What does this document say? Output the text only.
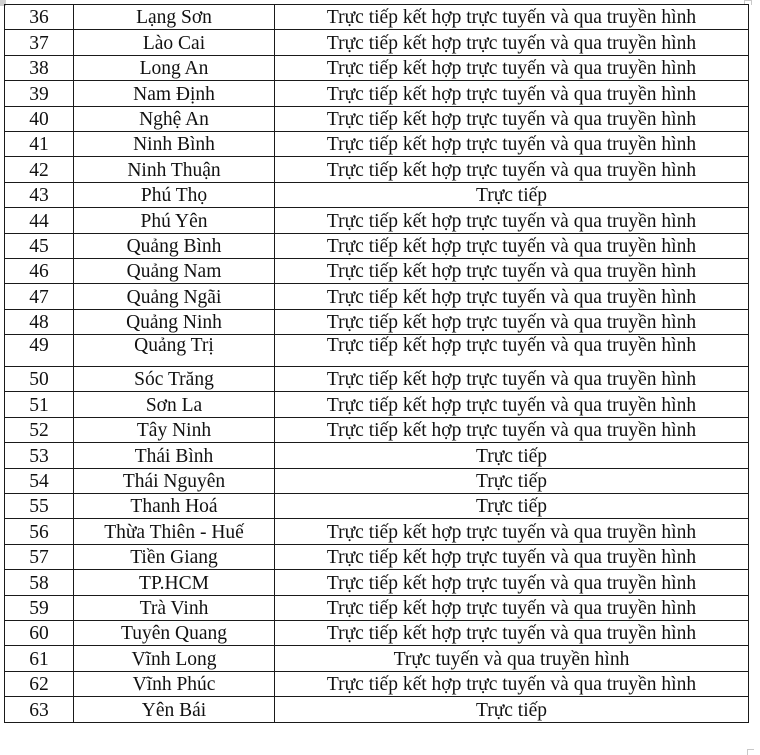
36	Lạng Sơn	Trực tiếp kết hợp trực tuyến và qua truyền hình
37	Lào Cai	Trực tiếp kết hợp trực tuyến và qua truyền hình
38	Long An	Trực tiếp kết hợp trực tuyến và qua truyền hình
39	Nam Định	Trực tiếp kết hợp trực tuyến và qua truyền hình
40	Nghệ An	Trực tiếp kết hợp trực tuyến và qua truyền hình
41	Ninh Bình	Trực tiếp kết hợp trực tuyến và qua truyền hình
42	Ninh Thuận	Trực tiếp kết hợp trực tuyến và qua truyền hình
43	Phú Thọ	Trực tiếp
44	Phú Yên	Trực tiếp kết hợp trực tuyến và qua truyền hình
45	Quảng Bình	Trực tiếp kết hợp trực tuyến và qua truyền hình
46	Quảng Nam	Trực tiếp kết hợp trực tuyến và qua truyền hình
47	Quảng Ngãi	Trực tiếp kết hợp trực tuyến và qua truyền hình
48	Quảng Ninh	Trực tiếp kết hợp trực tuyến và qua truyền hình
49	Quảng Trị	Trực tiếp kết hợp trực tuyến và qua truyền hình
50	Sóc Trăng	Trực tiếp kết hợp trực tuyến và qua truyền hình
51	Sơn La	Trực tiếp kết hợp trực tuyến và qua truyền hình
52	Tây Ninh	Trực tiếp kết hợp trực tuyến và qua truyền hình
53	Thái Bình	Trực tiếp
54	Thái Nguyên	Trực tiếp
55	Thanh Hoá	Trực tiếp
56	Thừa Thiên - Huế	Trực tiếp kết hợp trực tuyến và qua truyền hình
57	Tiền Giang	Trực tiếp kết hợp trực tuyến và qua truyền hình
58	TP.HCM	Trực tiếp kết hợp trực tuyến và qua truyền hình
59	Trà Vinh	Trực tiếp kết hợp trực tuyến và qua truyền hình
60	Tuyên Quang	Trực tiếp kết hợp trực tuyến và qua truyền hình
61	Vĩnh Long	Trực tuyến và qua truyền hình
62	Vĩnh Phúc	Trực tiếp kết hợp trực tuyến và qua truyền hình
63	Yên Bái	Trực tiếp
